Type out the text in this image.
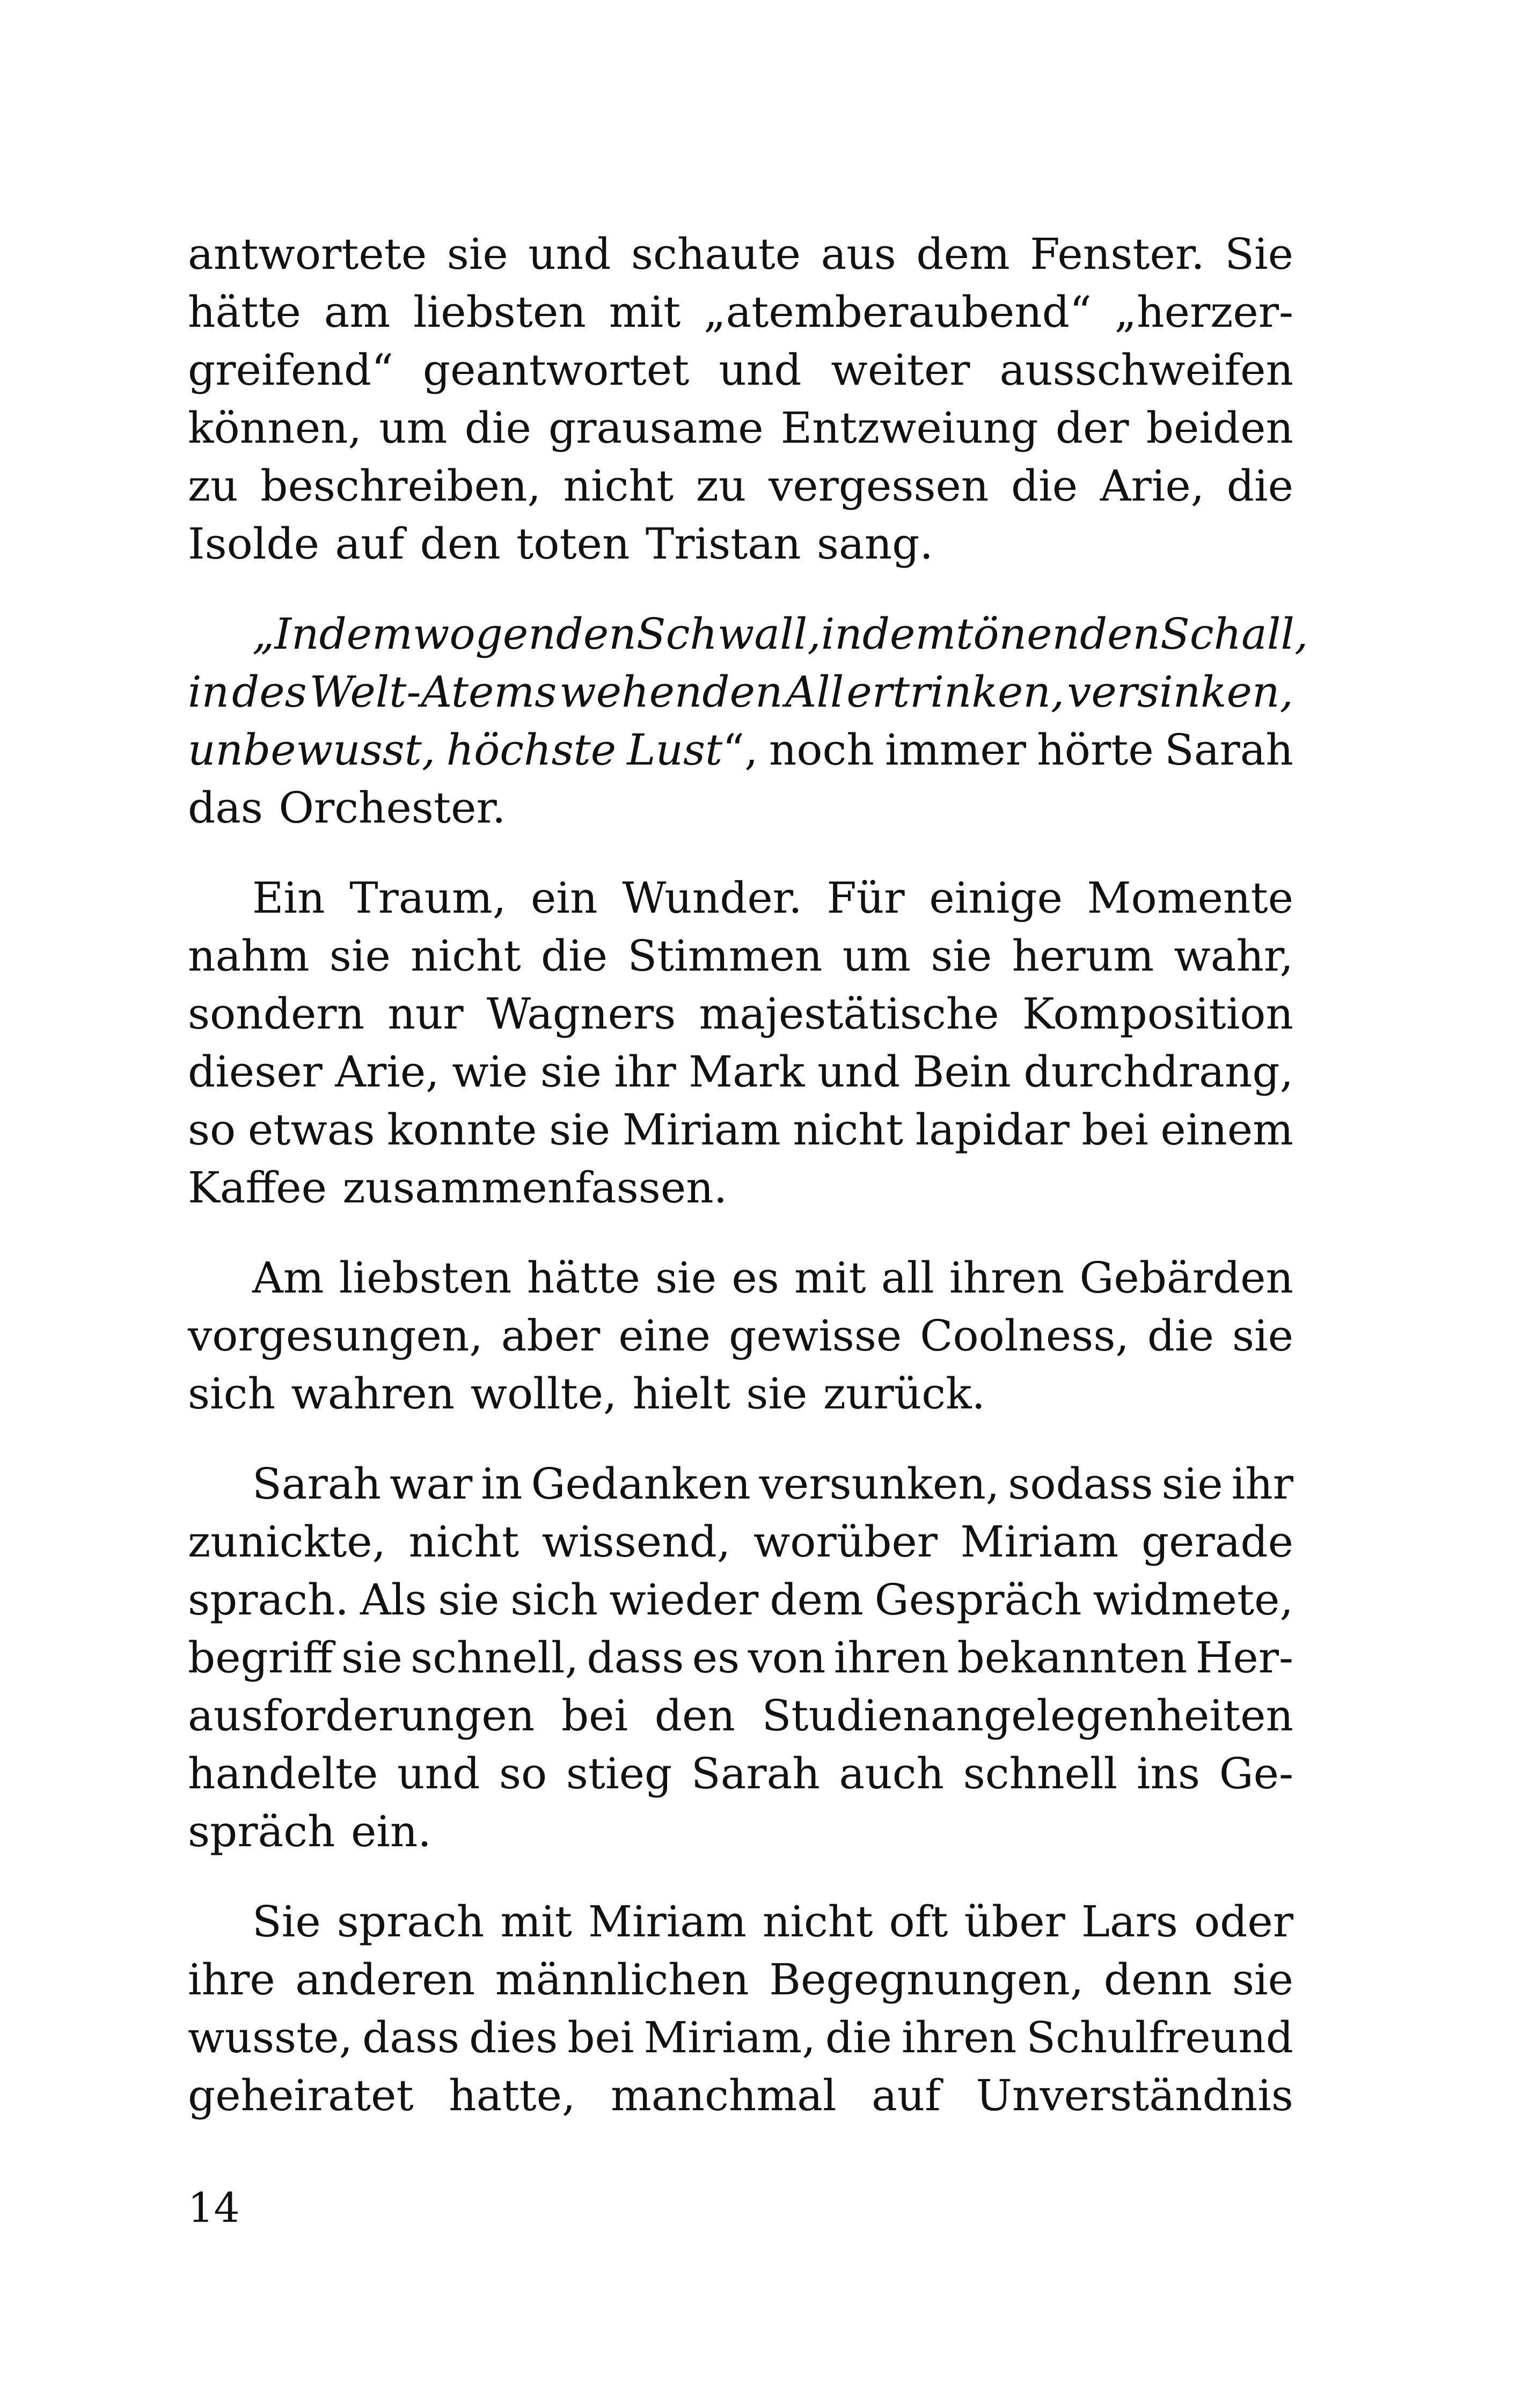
antwortete sie und schaute aus dem Fenster. Sie
hätte am liebsten mit „atemberaubend“ „herzer-
greifend“ geantwortet und weiter ausschweifen
können, um die grausame Entzweiung der beiden
zu beschreiben, nicht zu vergessen die Arie, die
Isolde auf den toten Tristan sang.
„In dem wogenden Schwall, in dem tönenden Schall,
in des Welt-Atems wehenden All ertrinken, versinken,
unbewusst, höchste Lust“, noch immer hörte Sarah
das Orchester.
Ein Traum, ein Wunder. Für einige Momente
nahm sie nicht die Stimmen um sie herum wahr,
sondern nur Wagners majestätische Komposition
dieser Arie, wie sie ihr Mark und Bein durchdrang,
so etwas konnte sie Miriam nicht lapidar bei einem
Kaffee zusammenfassen.
Am liebsten hätte sie es mit all ihren Gebärden
vorgesungen, aber eine gewisse Coolness, die sie
sich wahren wollte, hielt sie zurück.
Sarah war in Gedanken versunken, sodass sie ihr
zunickte, nicht wissend, worüber Miriam gerade
sprach. Als sie sich wieder dem Gespräch widmete,
begriff sie schnell, dass es von ihren bekannten Her-
ausforderungen bei den Studienangelegenheiten
handelte und so stieg Sarah auch schnell ins Ge-
spräch ein.
Sie sprach mit Miriam nicht oft über Lars oder
ihre anderen männlichen Begegnungen, denn sie
wusste, dass dies bei Miriam, die ihren Schulfreund
geheiratet hatte, manchmal auf Unverständnis
14
